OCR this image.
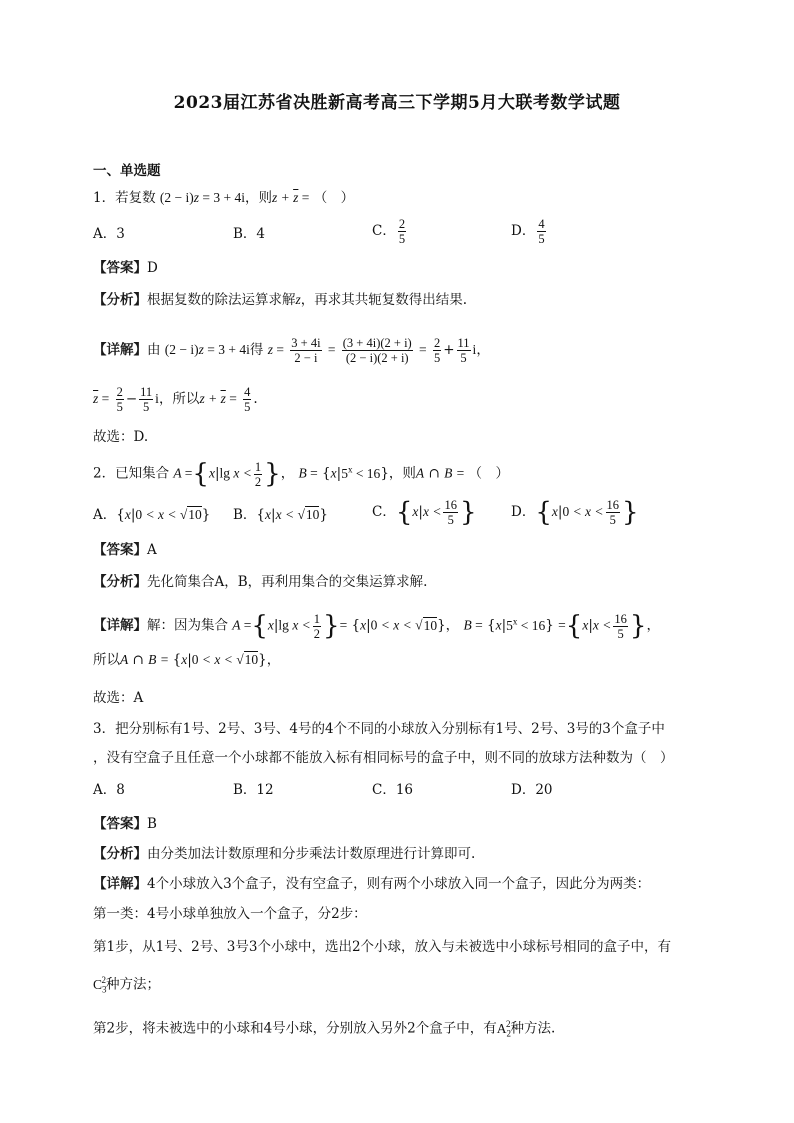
2023届江苏省决胜新高考高三下学期5月大联考数学试题
一、单选题
1．若复数 (2 − i)z = 3 + 4i，则$z + \overline{z}$ = （　）
A．3	B．4	C． $\frac{2}{5}$	D． $\frac{4}{5}$
【答案】D
【分析】根据复数的除法运算求解z，再求其共轭复数得出结果.
【详解】由 (2 − i)z = 3 + 4i得 $z = \frac{3 + 4i}{2 - i} = \frac{(3 + 4i)(2 + i)}{(2 - i)(2 + i)} = \frac{2}{5} + \frac{11}{5}$ i，
$\overline{z} = \frac{2}{5} - \frac{11}{5}$ i，所以$z + \overline{z} = \frac{4}{5}$ .
故选：D.
2．已知集合 A ={x|lg $x < \frac{1}{2}$ }， $B = \{x|5^x < 16\}$，则A ∩ B = （　）
A．{x|0 < x < √10} B．{x|x < √10}	C．{$x|x < \frac{16}{5}$ }	D．{$x|0 < x < \frac{16}{5}$ }
【答案】A
【分析】先化简集合A，B，再利用集合的交集运算求解.
【详解】解：因为集合 A ={x|lg $x < \frac{1}{2}$ }= {x|0 < x < √10}， $B = \{x|5^x < 16\} =\{x|x < \frac{16}{5}$ }，
所以A ∩ B = {x|0 < x < √10}，
故选：A
3．把分别标有1号、2号、3号、4号的4个不同的小球放入分别标有1号、2号、3号的3个盒子中
，没有空盒子且任意一个小球都不能放入标有相同标号的盒子中，则不同的放球方法种数为（　）
A．8	B．12	C．16	D．20
【答案】B
【分析】由分类加法计数原理和分步乘法计数原理进行计算即可.
【详解】4个小球放入3个盒子，没有空盒子，则有两个小球放入同一个盒子，因此分为两类：
第一类：4号小球单独放入一个盒子，分2步：
第1步，从1号、2号、3号3个小球中，选出2个小球，放入与未被选中小球标号相同的盒子中，有
$C_3^2$种方法；
第2步，将未被选中的小球和4号小球，分别放入另外2个盒子中，有$A_2^2$种方法.
